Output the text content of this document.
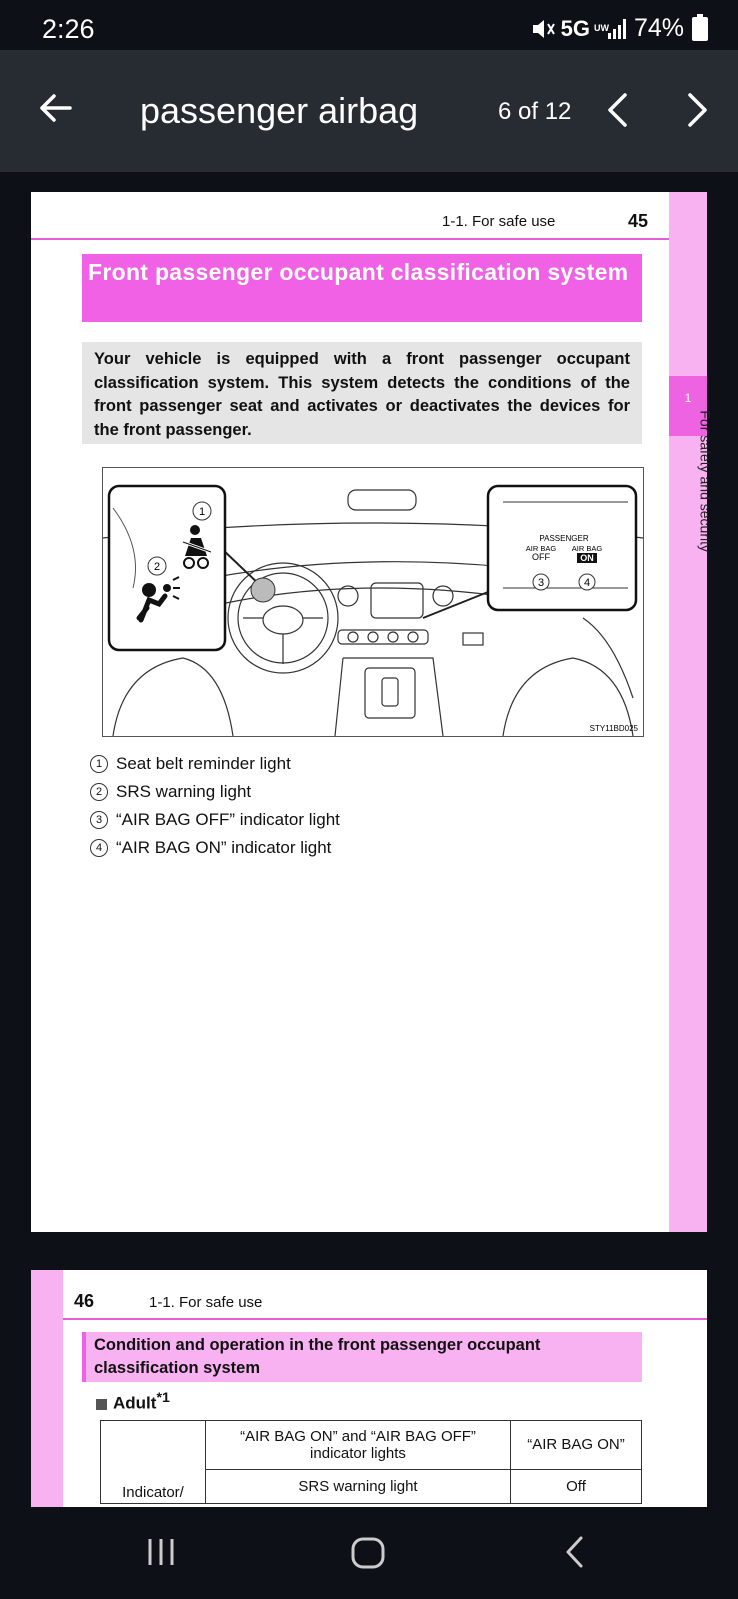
2:26	5G UW 74%
passenger airbag	6 of 12
1
For safety and security
1-1. For safe use	45
Front passenger occupant classification system
Your vehicle is equipped with a front passenger occupant classification system. This system detects the conditions of the front passenger seat and activates or deactivates the devices for the front passenger.
1
2
PASSENGER
AIR BAG
OFF
AIR BAG
ON
3	4
STY11BD025
1 Seat belt reminder light
2 SRS warning light
3 “AIR BAG OFF” indicator light
4 “AIR BAG ON” indicator light
46	1-1. For safe use
Condition and operation in the front passenger occupant classification system
Adult$^{*1}$
	“AIR BAG ON” and “AIR BAG OFF” indicator lights	“AIR BAG ON”
Indicator/	SRS warning light	Off
